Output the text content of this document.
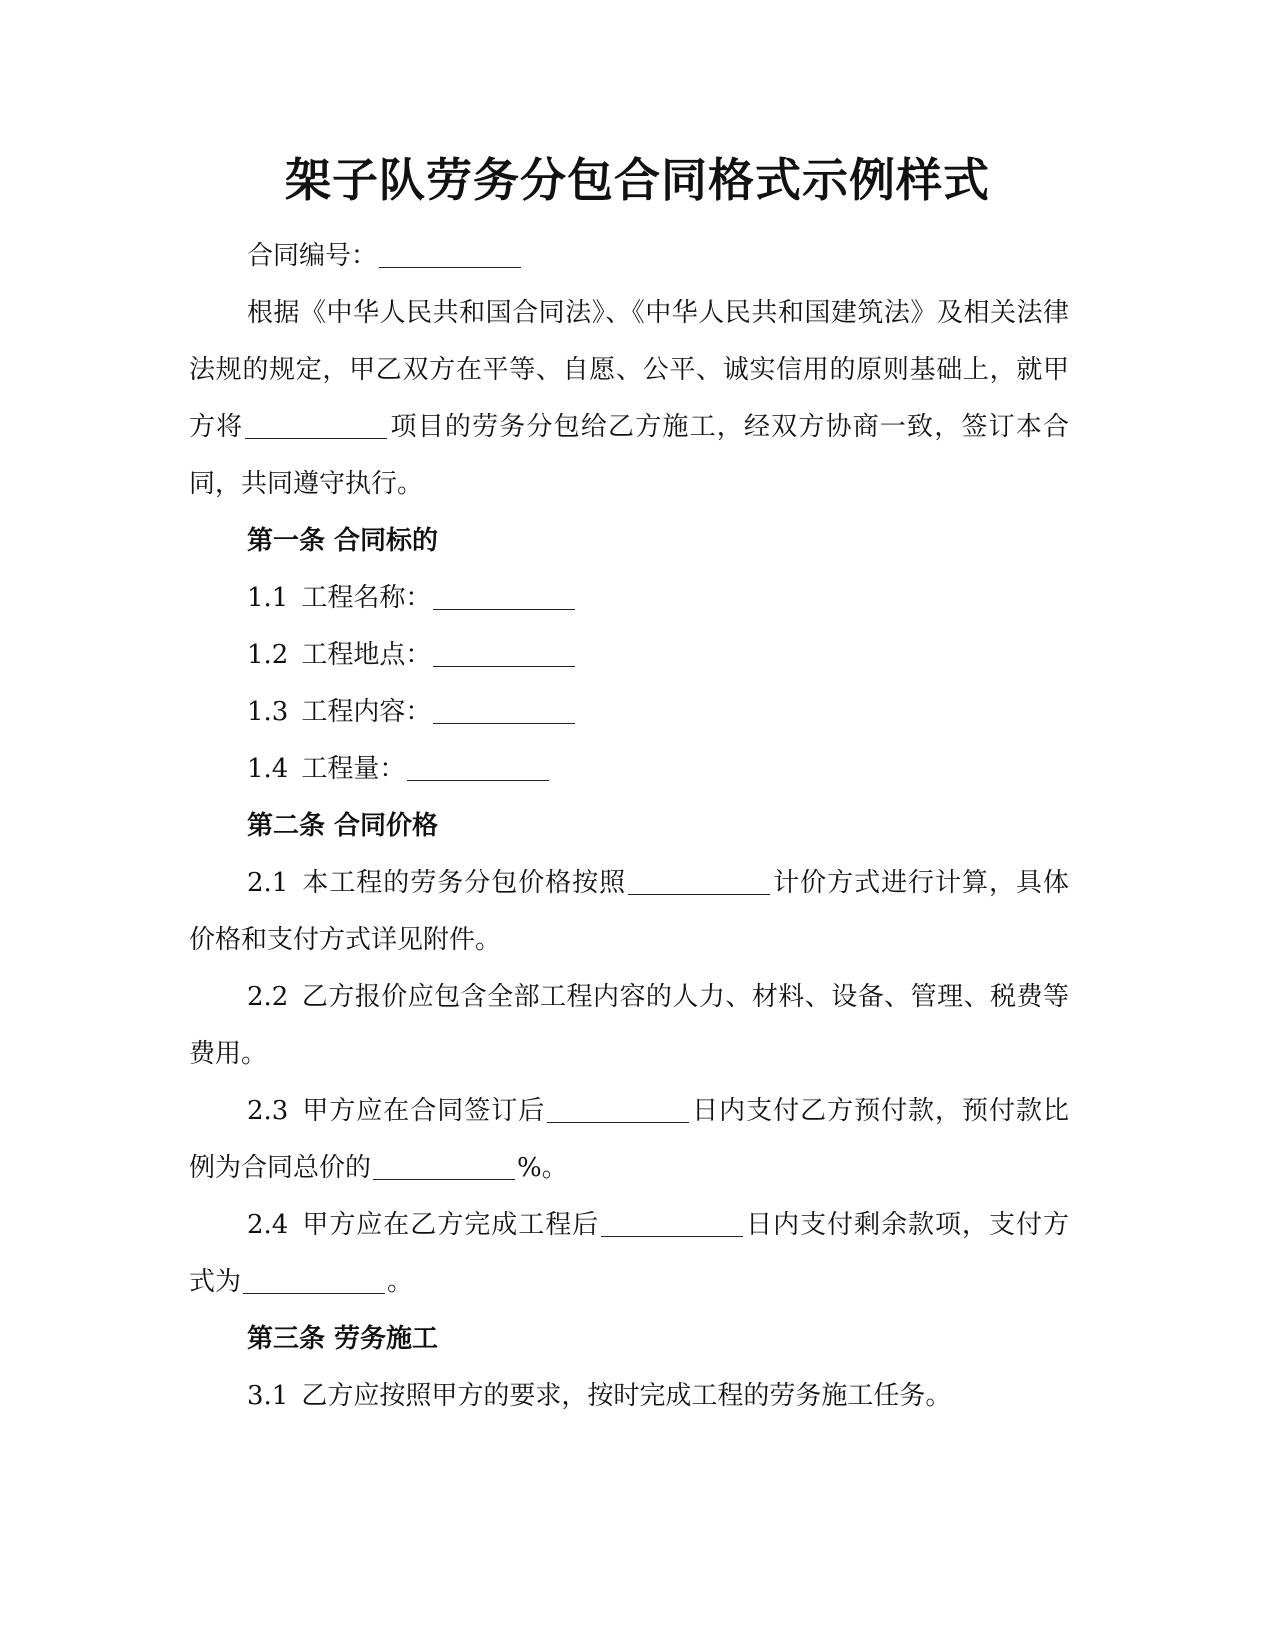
架子队劳务分包合同格式示例样式

合同编号：

根据《中华人民共和国合同法》、《中华人民共和国建筑法》及相关法律法规的规定，甲乙双方在平等、自愿、公平、诚实信用的原则基础上，就甲方将	项目的劳务分包给乙方施工，经双方协商一致，签订本合同，共同遵守执行。

第一条 合同标的

1.1  工程名称：

1.2  工程地点：

1.3  工程内容：

1.4  工程量：

第二条 合同价格

2.1  本工程的劳务分包价格按照	计价方式进行计算，具体价格和支付方式详见附件。

2.2  乙方报价应包含全部工程内容的人力、材料、设备、管理、税费等费用。

2.3  甲方应在合同签订后	日内支付乙方预付款，预付款比例为合同总价的	%。

2.4  甲方应在乙方完成工程后	日内支付剩余款项，支付方式为	。

第三条 劳务施工

3.1  乙方应按照甲方的要求，按时完成工程的劳务施工任务。
